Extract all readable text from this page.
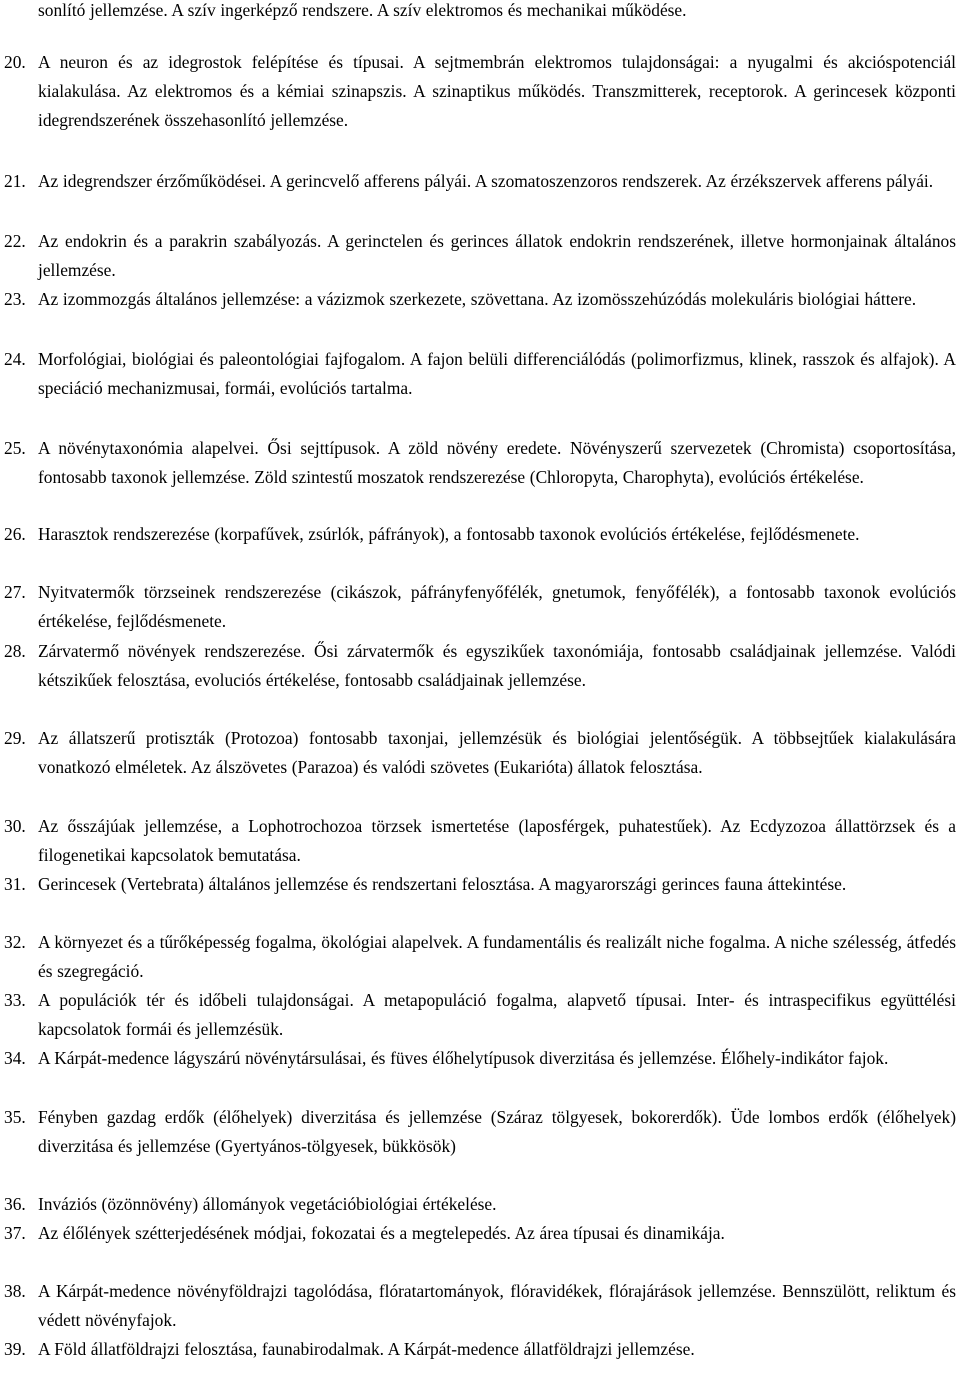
sonlító jellemzése. A szív ingerképző rendszere. A szív elektromos és mechanikai működése.
20. A neuron és az idegrostok felépítése és típusai. A sejtmembrán elektromos tulajdonságai: a nyugalmi és akcióspotenciál kialakulása. Az elektromos és a kémiai szinapszis. A szinaptikus működés. Transzmitterek, receptorok. A gerincesek központi idegrendszerének összehasonlító jellemzése.
21. Az idegrendszer érzőműködései. A gerincvelő afferens pályái. A szomatoszenzoros rendszerek. Az érzékszervek afferens pályái.
22. Az endokrin és a parakrin szabályozás. A gerinctelen és gerinces állatok endokrin rendszerének, illetve hormonjainak általános jellemzése.
23. Az izommozgás általános jellemzése: a vázizmok szerkezete, szövettana. Az izomösszehúzódás molekuláris biológiai háttere.
24. Morfológiai, biológiai és paleontológiai fajfogalom. A fajon belüli differenciálódás (polimorfizmus, klinek, rasszok és alfajok). A speciáció mechanizmusai, formái, evolúciós tartalma.
25. A növénytaxonómia alapelvei. Ősi sejttípusok. A zöld növény eredete. Növényszerű szervezetek (Chromista) csoportosítása, fontosabb taxonok jellemzése. Zöld szintestű moszatok rendszerezése (Chloropyta, Charophyta), evolúciós értékelése.
26. Harasztok rendszerezése (korpafűvek, zsúrlók, páfrányok), a fontosabb taxonok evolúciós értékelése, fejlődésmenete.
27. Nyitvatermők törzseinek rendszerezése (cikászok, páfrányfenyőfélék, gnetumok, fenyőfélék), a fontosabb taxonok evolúciós értékelése, fejlődésmenete.
28. Zárvatermő növények rendszerezése. Ősi zárvatermők és egyszikűek taxonómiája, fontosabb családjainak jellemzése. Valódi kétszikűek felosztása, evoluciós értékelése, fontosabb családjainak jellemzése.
29. Az állatszerű protiszták (Protozoa) fontosabb taxonjai, jellemzésük és biológiai jelentőségük. A többsejtűek kialakulására vonatkozó elméletek. Az álszövetes (Parazoa) és valódi szövetes (Eukarióta) állatok felosztása.
30. Az ősszájúak jellemzése, a Lophotrochozoa törzsek ismertetése (laposférgek, puhatestűek). Az Ecdyzozoa állattörzsek és a filogenetikai kapcsolatok bemutatása.
31. Gerincesek (Vertebrata) általános jellemzése és rendszertani felosztása. A magyarországi gerinces fauna áttekintése.
32. A környezet és a tűrőképesség fogalma, ökológiai alapelvek. A fundamentális és realizált niche fogalma. A niche szélesség, átfedés és szegregáció.
33. A populációk tér és időbeli tulajdonságai. A metapopuláció fogalma, alapvető típusai. Inter- és intraspecifikus együttélési kapcsolatok formái és jellemzésük.
34. A Kárpát-medence lágyszárú növénytársulásai, és füves élőhelytípusok diverzitása és jellemzése. Élőhely-indikátor fajok.
35. Fényben gazdag erdők (élőhelyek) diverzitása és jellemzése (Száraz tölgyesek, bokorerdők). Üde lombos erdők (élőhelyek) diverzitása és jellemzése (Gyertyános-tölgyesek, bükkösök)
36. Inváziós (özönnövény) állományok vegetációbiológiai értékelése.
37. Az élőlények szétterjedésének módjai, fokozatai és a megtelepedés. Az área típusai és dinamikája.
38. A Kárpát-medence növényföldrajzi tagolódása, flóratartományok, flóravidékek, flórajárások jellemzése. Bennszülött, reliktum és védett növényfajok.
39. A Föld állatföldrajzi felosztása, faunabirodalmak. A Kárpát-medence állatföldrajzi jellemzése.
